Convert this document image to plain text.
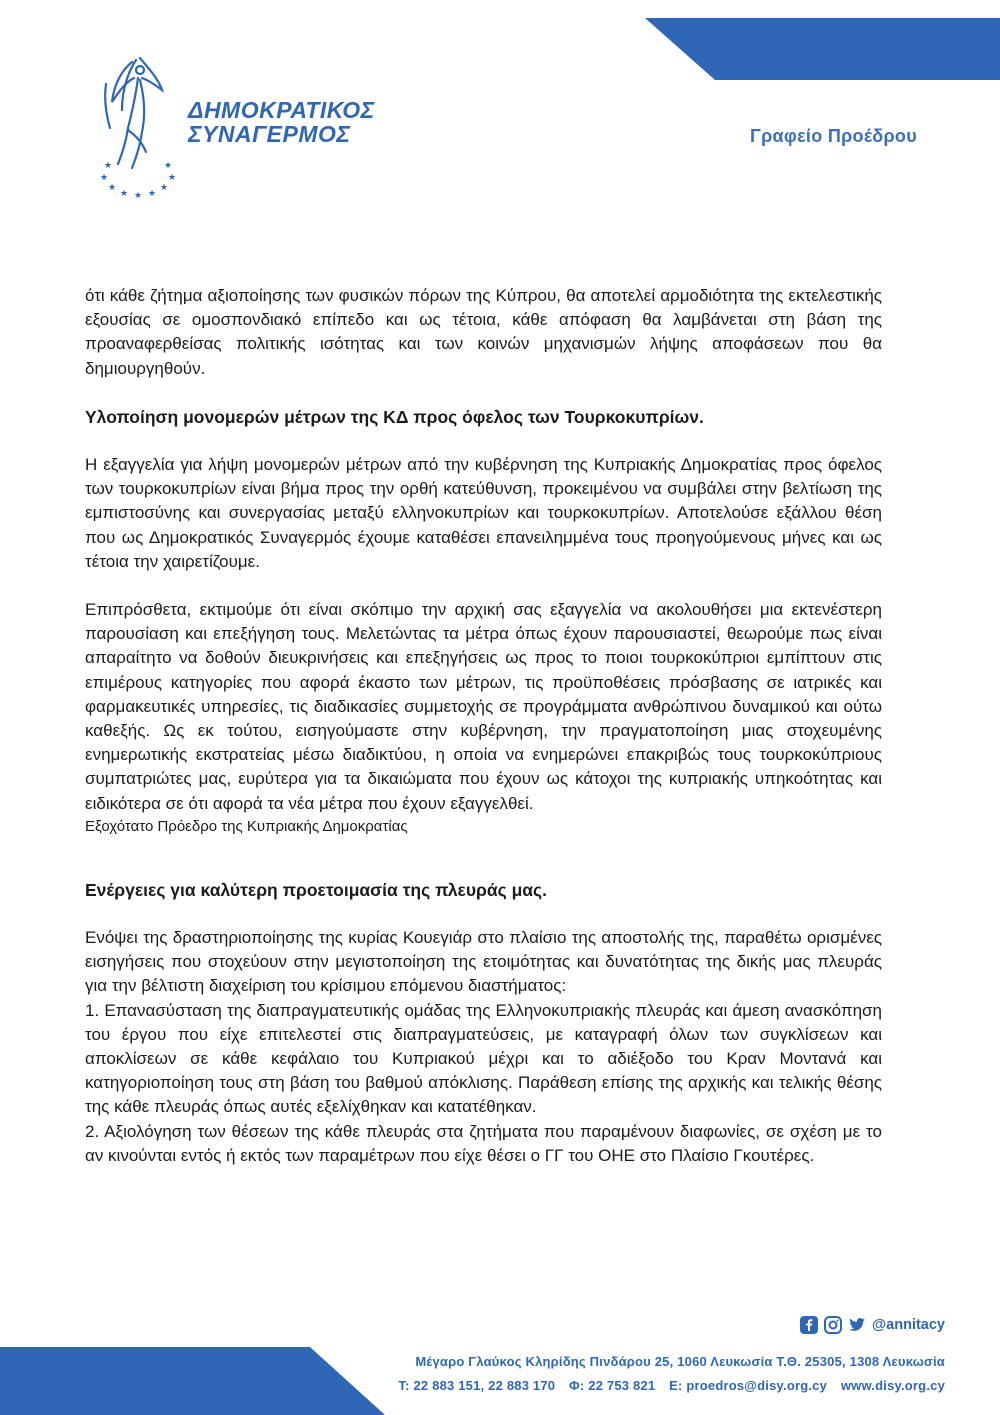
★
★
★
★ ★ ★
★
★
★
ΔΗΜΟΚΡΑΤΙΚΟΣ
ΣΥΝΑΓΕΡΜΟΣ	Γραφείο Προέδρου

ότι κάθε ζήτημα αξιοποίησης των φυσικών πόρων της Κύπρου, θα αποτελεί αρμοδιότητα της εκτελεστικής εξουσίας σε ομοσπονδιακό επίπεδο και ως τέτοια, κάθε απόφαση θα λαμβάνεται στη βάση της προαναφερθείσας πολιτικής ισότητας και των κοινών μηχανισμών λήψης αποφάσεων που θα δημιουργηθούν.

Υλοποίηση μονομερών μέτρων της ΚΔ προς όφελος των Τουρκοκυπρίων.

Η εξαγγελία για λήψη μονομερών μέτρων από την κυβέρνηση της Κυπριακής Δημοκρατίας προς όφελος των τουρκοκυπρίων είναι βήμα προς την ορθή κατεύθυνση, προκειμένου να συμβάλει στην βελτίωση της εμπιστοσύνης και συνεργασίας μεταξύ ελληνοκυπρίων και τουρκοκυπρίων. Αποτελούσε εξάλλου θέση που ως Δημοκρατικός Συναγερμός έχουμε καταθέσει επανειλημμένα τους προηγούμενους μήνες και ως τέτοια την χαιρετίζουμε.

Επιπρόσθετα, εκτιμούμε ότι είναι σκόπιμο την αρχική σας εξαγγελία να ακολουθήσει μια εκτενέστερη παρουσίαση και επεξήγηση τους. Μελετώντας τα μέτρα όπως έχουν παρουσιαστεί, θεωρούμε πως είναι απαραίτητο να δοθούν διευκρινήσεις και επεξηγήσεις ως προς το ποιοι τουρκοκύπριοι εμπίπτουν στις επιμέρους κατηγορίες που αφορά έκαστο των μέτρων, τις προϋποθέσεις πρόσβασης σε ιατρικές και φαρμακευτικές υπηρεσίες, τις διαδικασίες συμμετοχής σε προγράμματα ανθρώπινου δυναμικού και ούτω καθεξής. Ως εκ τούτου, εισηγούμαστε στην κυβέρνηση, την πραγματοποίηση μιας στοχευμένης ενημερωτικής εκστρατείας μέσω διαδικτύου, η οποία να ενημερώνει επακριβώς τους τουρκοκύπριους συμπατριώτες μας, ευρύτερα για τα δικαιώματα που έχουν ως κάτοχοι της κυπριακής υπηκοότητας και ειδικότερα σε ότι αφορά τα νέα μέτρα που έχουν εξαγγελθεί.

Εξοχότατο Πρόεδρο της Κυπριακής Δημοκρατίας

Ενέργειες για καλύτερη προετοιμασία της πλευράς μας.

Ενόψει της δραστηριοποίησης της κυρίας Κουεγιάρ στο πλαίσιο της αποστολής της, παραθέτω ορισμένες εισηγήσεις που στοχεύουν στην μεγιστοποίηση της ετοιμότητας και δυνατότητας της δικής μας πλευράς για την βέλτιστη διαχείριση του κρίσιμου επόμενου διαστήματος:

1. Επανασύσταση της διαπραγματευτικής ομάδας της Ελληνοκυπριακής πλευράς και άμεση ανασκόπηση του έργου που είχε επιτελεστεί στις διαπραγματεύσεις, με καταγραφή όλων των συγκλίσεων και αποκλίσεων σε κάθε κεφάλαιο του Κυπριακού μέχρι και το αδιέξοδο του Κραν Μοντανά και κατηγοριοποίηση τους στη βάση του βαθμού απόκλισης. Παράθεση επίσης της αρχικής και τελικής θέσης της κάθε πλευράς όπως αυτές εξελίχθηκαν και κατατέθηκαν.

2. Αξιολόγηση των θέσεων της κάθε πλευράς στα ζητήματα που παραμένουν διαφωνίες, σε σχέση με το αν κινούνται εντός ή εκτός των παραμέτρων που είχε θέσει ο ΓΓ του ΟΗΕ στο Πλαίσιο Γκουτέρες.

@annitacy
Μέγαρο Γλαύκος Κληρίδης Πινδάρου 25, 1060 Λευκωσία Τ.Θ. 25305, 1308 Λευκωσία
Τ: 22 883 151, 22 883 170 Φ: 22 753 821 E: proedros@disy.org.cy www.disy.org.cy
